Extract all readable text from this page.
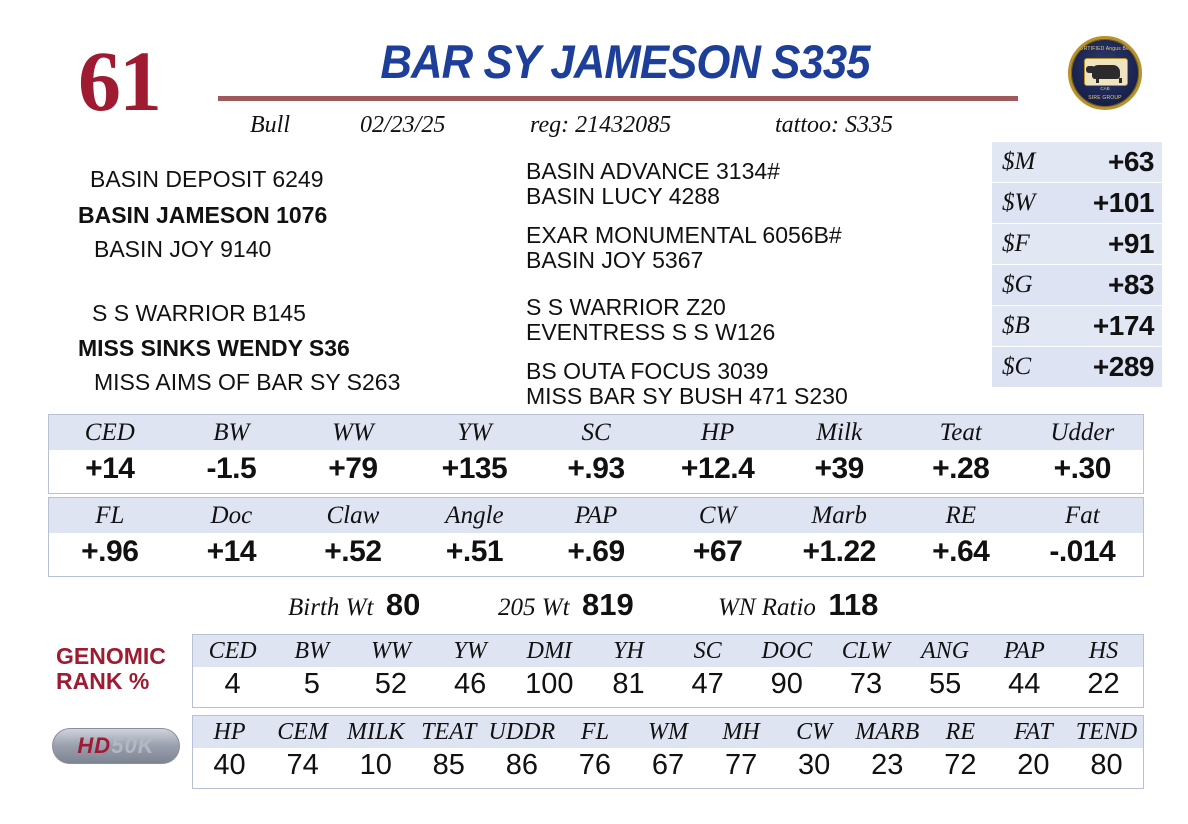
61	BAR SY JAMESON S335
Bull	02/23/25	reg: 21432085	tattoo: S335
CERTIFIED Angus Beef
SIRE GROUP
CAB
BASIN DEPOSIT 6249
BASIN JAMESON 1076
BASIN JOY 9140
S S WARRIOR B145
MISS SINKS WENDY S36
MISS AIMS OF BAR SY S263
BASIN ADVANCE 3134#
BASIN LUCY 4288
EXAR MONUMENTAL 6056B#
BASIN JOY 5367
S S WARRIOR Z20
EVENTRESS S S W126
BS OUTA FOCUS 3039
MISS BAR SY BUSH 471 S230
$M	+63
$W	+101
$F	+91
$G	+83
$B	+174
$C	+289
CED	BW	WW	YW	SC	HP	Milk	Teat	Udder
+14	-1.5	+79	+135	+.93	+12.4	+39	+.28	+.30
FL	Doc	Claw	Angle	PAP	CW	Marb	RE	Fat
+.96	+14	+.52	+.51	+.69	+67	+1.22	+.64	-.014
Birth Wt 80	205 Wt 819	WN Ratio 118
GENOMIC
RANK %
HD50K
CED	BW	WW	YW	DMI	YH	SC	DOC	CLW	ANG	PAP	HS
4	5	52	46	100	81	47	90	73	55	44	22
HP	CEM MILK TEAT UDDR	FL	WM	MH	CW MARB	RE	FAT TEND
40	74	10	85	86	76	67	77	30	23	72	20	80
